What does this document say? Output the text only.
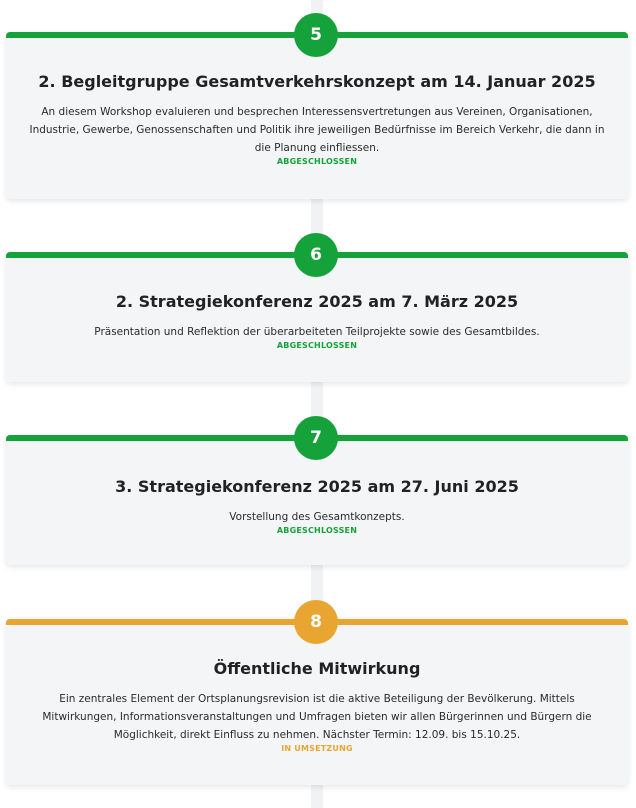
5
2. Begleitgruppe Gesamtverkehrskonzept am 14. Januar 2025

An diesem Workshop evaluieren und besprechen Interessensvertretungen aus Vereinen, Organisationen, Industrie, Gewerbe, Genossenschaften und Politik ihre jeweiligen Bedürfnisse im Bereich Verkehr, die dann in die Planung einfliessen.

ABGESCHLOSSEN
6
2. Strategiekonferenz 2025 am 7. März 2025

Präsentation und Reflektion der überarbeiteten Teilprojekte sowie des Gesamtbildes.

ABGESCHLOSSEN
7
3. Strategiekonferenz 2025 am 27. Juni 2025

Vorstellung des Gesamtkonzepts.

ABGESCHLOSSEN
8
Öffentliche Mitwirkung

Ein zentrales Element der Ortsplanungsrevision ist die aktive Beteiligung der Bevölkerung. Mittels Mitwirkungen, Informationsveranstaltungen und Umfragen bieten wir allen Bürgerinnen und Bürgern die Möglichkeit, direkt Einfluss zu nehmen. Nächster Termin: 12.09. bis 15.10.25.

IN UMSETZUNG
